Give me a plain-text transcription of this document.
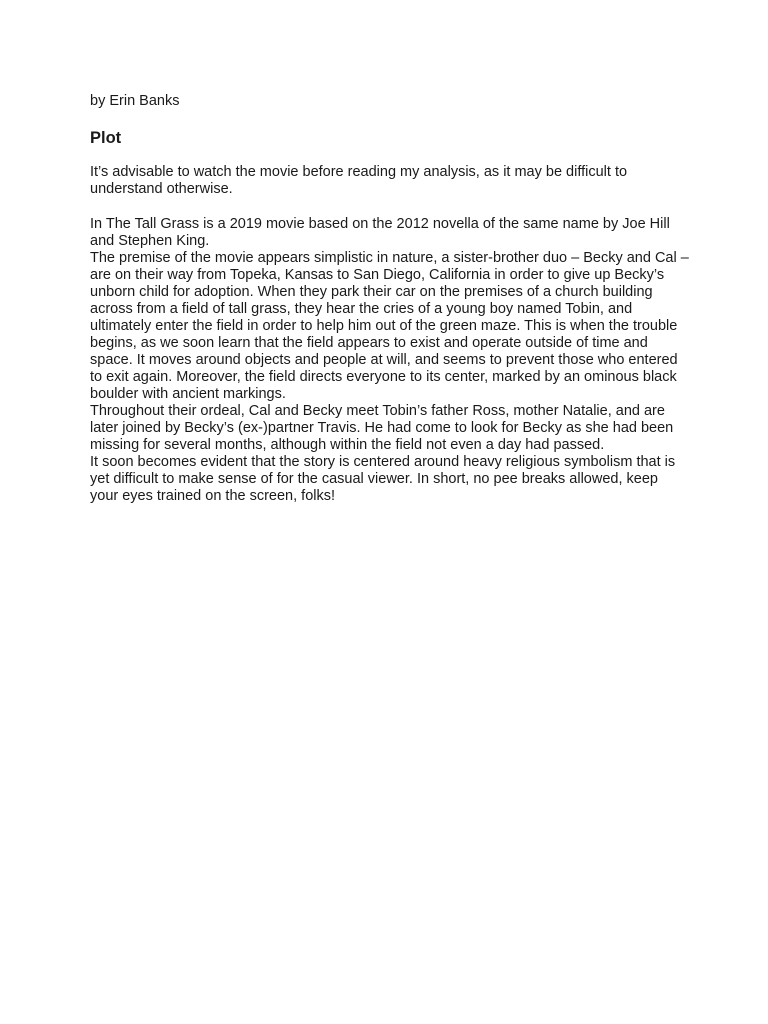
by Erin Banks

Plot

It’s advisable to watch the movie before reading my analysis, as it may be difficult to understand otherwise.

In The Tall Grass is a 2019 movie based on the 2012 novella of the same name by Joe Hill and Stephen King.

The premise of the movie appears simplistic in nature, a sister-brother duo – Becky and Cal – are on their way from Topeka, Kansas to San Diego, California in order to give up Becky’s unborn child for adoption. When they park their car on the premises of a church building across from a field of tall grass, they hear the cries of a young boy named Tobin, and ultimately enter the field in order to help him out of the green maze. This is when the trouble begins, as we soon learn that the field appears to exist and operate outside of time and space. It moves around objects and people at will, and seems to prevent those who entered to exit again. Moreover, the field directs everyone to its center, marked by an ominous black boulder with ancient markings.

Throughout their ordeal, Cal and Becky meet Tobin’s father Ross, mother Natalie, and are later joined by Becky’s (ex-)partner Travis. He had come to look for Becky as she had been missing for several months, although within the field not even a day had passed.

It soon becomes evident that the story is centered around heavy religious symbolism that is yet difficult to make sense of for the casual viewer. In short, no pee breaks allowed, keep your eyes trained on the screen, folks!
